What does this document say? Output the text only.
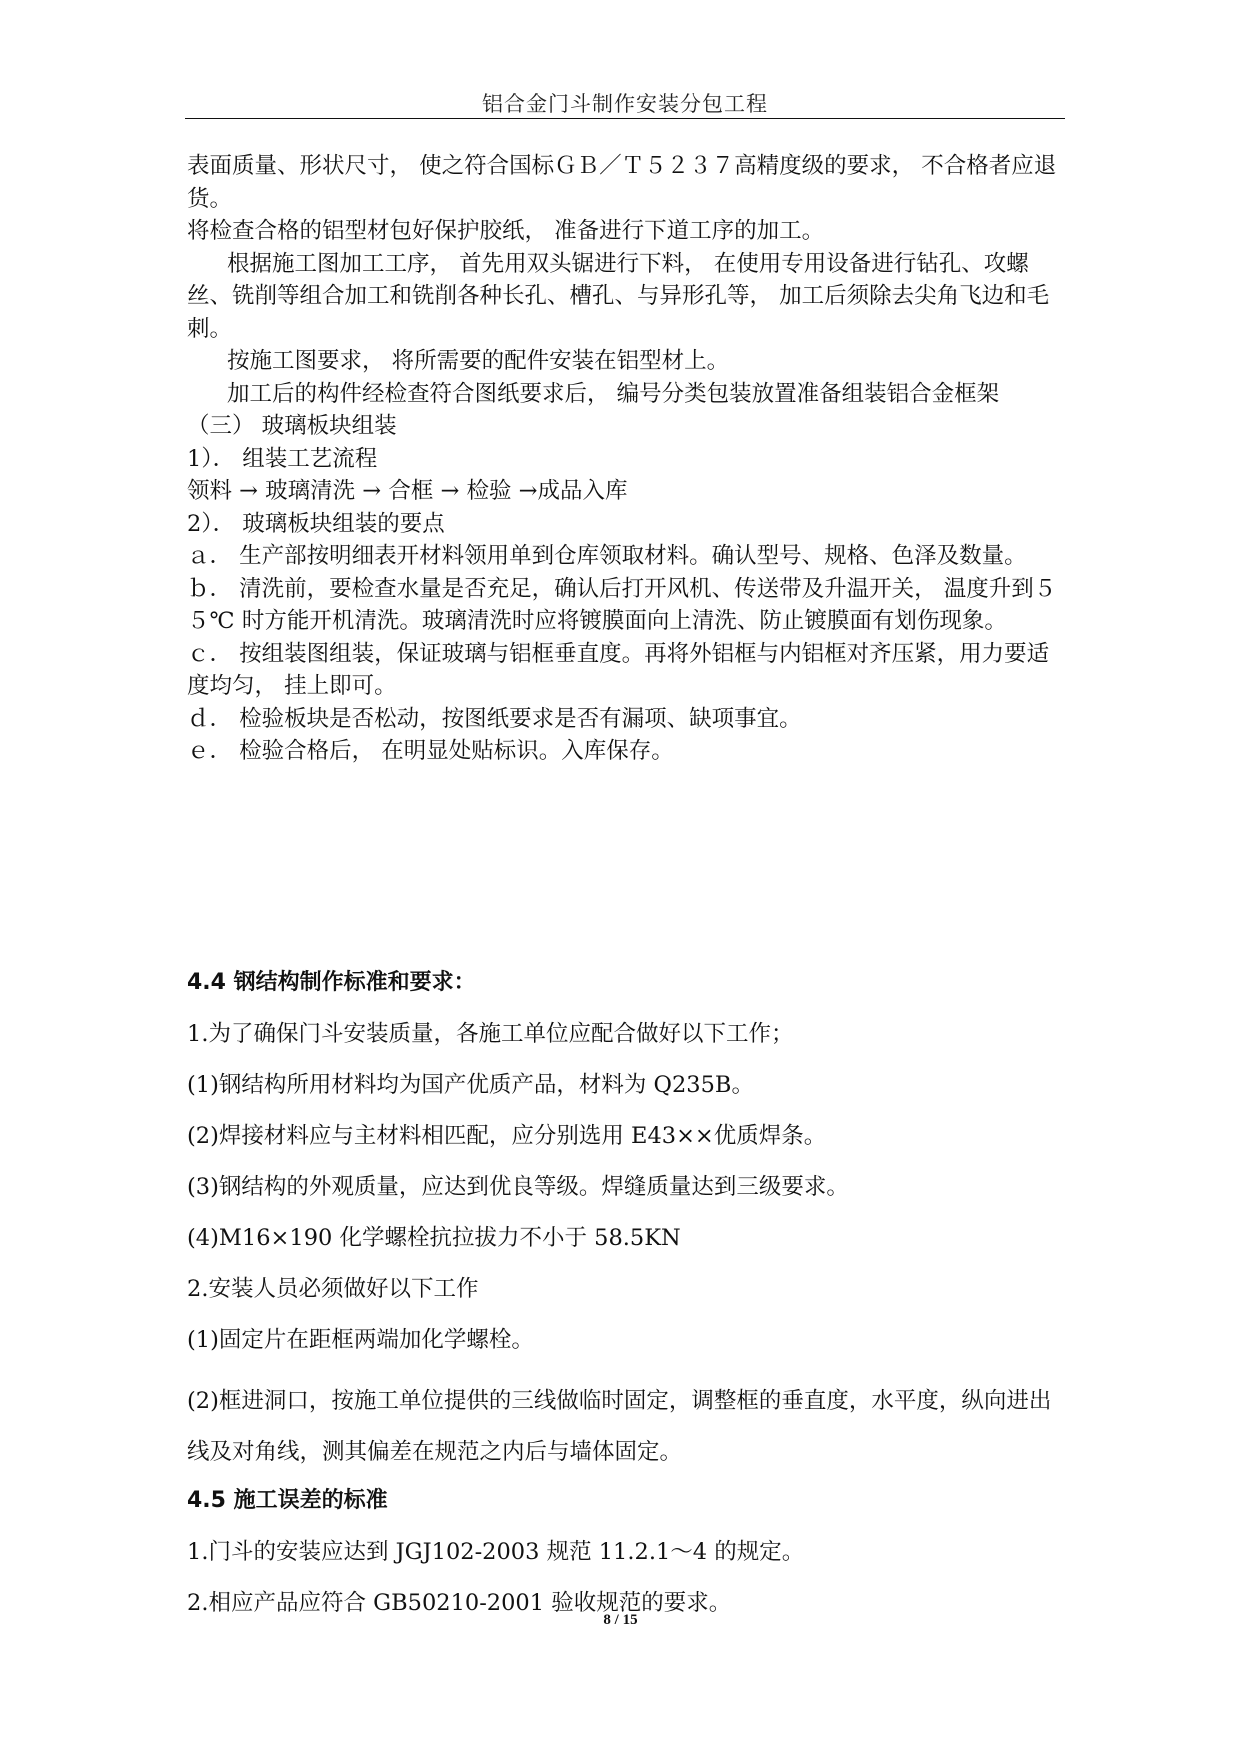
铝合金门斗制作安装分包工程

表面质量、形状尺寸， 使之符合国标ＧＢ／Ｔ５２３７高精度级的要求， 不合格者应退货。

将检查合格的铝型材包好保护胶纸， 准备进行下道工序的加工。

根据施工图加工工序， 首先用双头锯进行下料， 在使用专用设备进行钻孔、攻螺丝、铣削等组合加工和铣削各种长孔、槽孔、与异形孔等， 加工后须除去尖角飞边和毛刺。

按施工图要求， 将所需要的配件安装在铝型材上。

加工后的构件经检查符合图纸要求后， 编号分类包装放置准备组装铝合金框架

（三） 玻璃板块组装

1）． 组装工艺流程

领料 → 玻璃清洗 → 合框 → 检验 →成品入库

2）． 玻璃板块组装的要点

ａ． 生产部按明细表开材料领用单到仓库领取材料。确认型号、规格、色泽及数量。

ｂ． 清洗前，要检查水量是否充足，确认后打开风机、传送带及升温开关， 温度升到５５℃ 时方能开机清洗。玻璃清洗时应将镀膜面向上清洗、防止镀膜面有划伤现象。

ｃ． 按组装图组装，保证玻璃与铝框垂直度。再将外铝框与内铝框对齐压紧，用力要适度均匀， 挂上即可。

ｄ． 检验板块是否松动，按图纸要求是否有漏项、缺项事宜。

ｅ． 检验合格后， 在明显处贴标识。入库保存。

4.4 钢结构制作标准和要求：

1.为了确保门斗安装质量，各施工单位应配合做好以下工作；

(1)钢结构所用材料均为国产优质产品，材料为 Q235B。

(2)焊接材料应与主材料相匹配，应分别选用 E43××优质焊条。

(3)钢结构的外观质量，应达到优良等级。焊缝质量达到三级要求。

(4)M16×190 化学螺栓抗拉拔力不小于 58.5KN

2.安装人员必须做好以下工作

(1)固定片在距框两端加化学螺栓。

(2)框进洞口，按施工单位提供的三线做临时固定，调整框的垂直度，水平度，纵向进出线及对角线，测其偏差在规范之内后与墙体固定。

4.5 施工误差的标准

1.门斗的安装应达到 JGJ102-2003 规范 11.2.1～4 的规定。

2.相应产品应符合 GB50210-2001 验收规范的要求。

8 / 15
